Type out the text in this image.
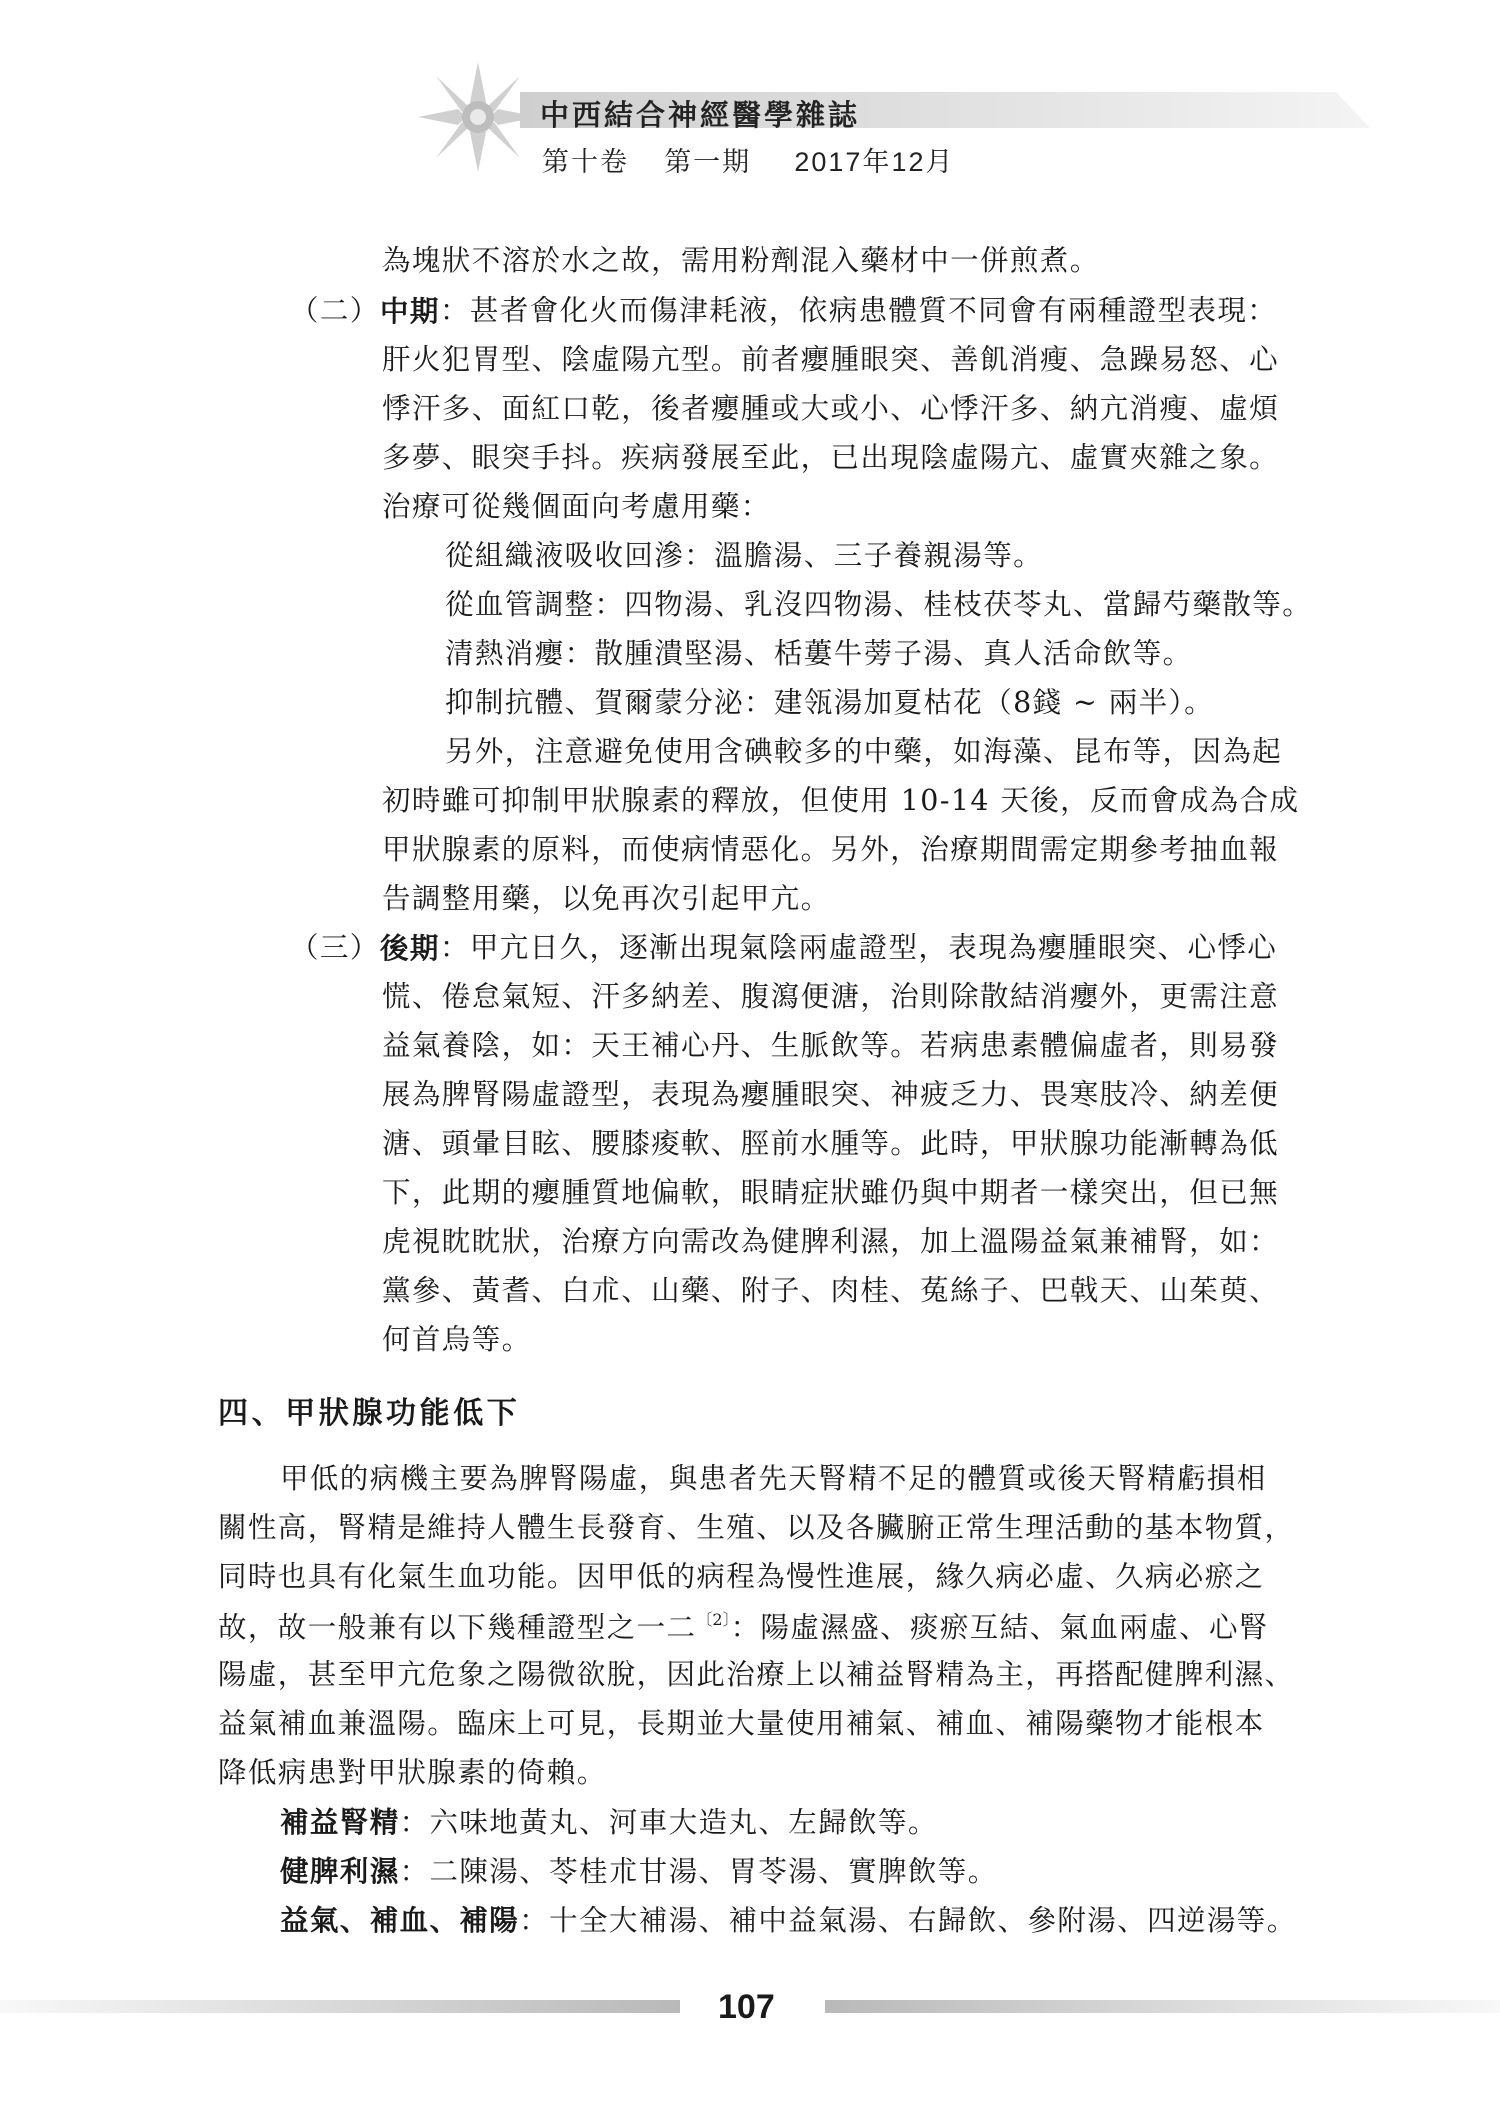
中西結合神經醫學雜誌
第十卷 第一期 2017年12月
為塊狀不溶於水之故，需用粉劑混入藥材中一併煎煮。
（二） 中期 ：甚者會化火而傷津耗液，依病患體質不同會有兩種證型表現：
肝火犯胃型、陰虛陽亢型。前者癭腫眼突、善飢消瘦、急躁易怒、心
悸汗多、面紅口乾，後者癭腫或大或小、心悸汗多、納亢消瘦、虛煩
多夢、眼突手抖。疾病發展至此，已出現陰虛陽亢、虛實夾雜之象。
治療可從幾個面向考慮用藥：
從組織液吸收回滲：溫膽湯、三子養親湯等。
從血管調整：四物湯、乳沒四物湯、桂枝茯苓丸、當歸芍藥散等。
清熱消癭：散腫潰堅湯、栝蔞牛蒡子湯、真人活命飲等。
抑制抗體、賀爾蒙分泌：建瓴湯加夏枯花（8錢 ~ 兩半）。
另外，注意避免使用含碘較多的中藥，如海藻、昆布等，因為起
初時雖可抑制甲狀腺素的釋放，但使用 10-14 天後，反而會成為合成
甲狀腺素的原料，而使病情惡化。另外，治療期間需定期參考抽血報
告調整用藥，以免再次引起甲亢。
（三） 後期 ：甲亢日久，逐漸出現氣陰兩虛證型，表現為癭腫眼突、心悸心
慌、倦怠氣短、汗多納差、腹瀉便溏，治則除散結消癭外，更需注意
益氣養陰，如：天王補心丹、生脈飲等。若病患素體偏虛者，則易發
展為脾腎陽虛證型，表現為癭腫眼突、神疲乏力、畏寒肢冷、納差便
溏、頭暈目眩、腰膝痠軟、脛前水腫等。此時，甲狀腺功能漸轉為低
下，此期的癭腫質地偏軟，眼睛症狀雖仍與中期者一樣突出，但已無
虎視眈眈狀，治療方向需改為健脾利濕，加上溫陽益氣兼補腎，如：
黨參、黃耆、白朮、山藥、附子、肉桂、菟絲子、巴戟天、山茱萸、
何首烏等。
四、甲狀腺功能低下
甲低的病機主要為脾腎陽虛，與患者先天腎精不足的體質或後天腎精虧損相
關性高，腎精是維持人體生長發育、生殖、以及各臟腑正常生理活動的基本物質，
同時也具有化氣生血功能。因甲低的病程為慢性進展，緣久病必虛、久病必瘀之
故，故一般兼有以下幾種證型之一二$^{〔2〕}$：陽虛濕盛、痰瘀互結、氣血兩虛、心腎
陽虛，甚至甲亢危象之陽微欲脫，因此治療上以補益腎精為主，再搭配健脾利濕、
益氣補血兼溫陽。臨床上可見，長期並大量使用補氣、補血、補陽藥物才能根本
降低病患對甲狀腺素的倚賴。
補益腎精：六味地黃丸、河車大造丸、左歸飲等。
健脾利濕：二陳湯、苓桂朮甘湯、胃苓湯、實脾飲等。
益氣、補血、補陽：十全大補湯、補中益氣湯、右歸飲、參附湯、四逆湯等。
107
